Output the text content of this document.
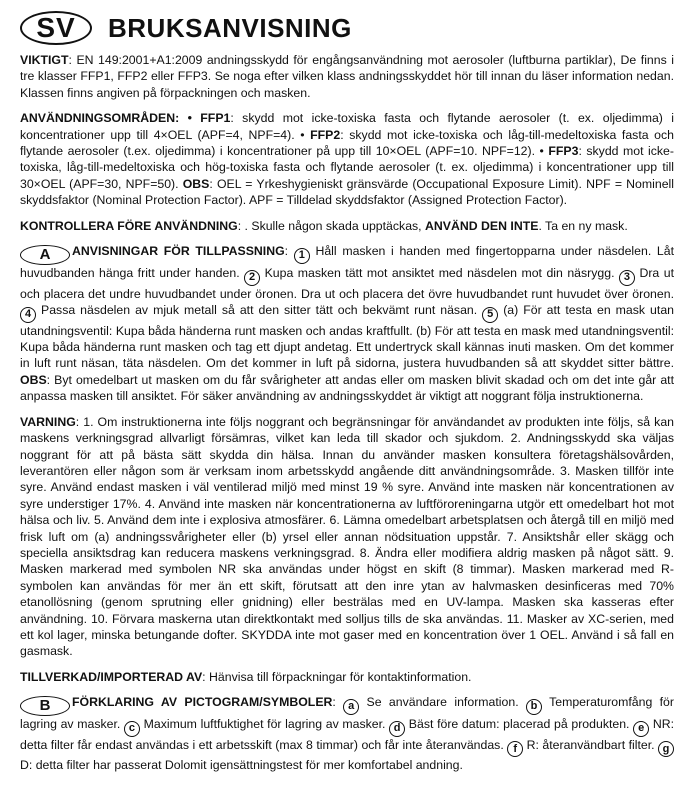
SV	BRUKSANVISNING

VIKTIGT: EN 149:2001+A1:2009 andningsskydd för engångsanvändning mot aerosoler (luftburna partiklar), De finns i tre klasser FFP1, FFP2 eller FFP3. Se noga efter vilken klass andningsskyddet hör till innan du läser information nedan. Klassen finns angiven på förpackningen och masken.

ANVÄNDNINGSOMRÅDEN: • FFP1: skydd mot icke-toxiska fasta och flytande aerosoler (t. ex. oljedimma) i koncentrationer upp till 4×OEL (APF=4, NPF=4). • FFP2: skydd mot icke-toxiska och låg-till-medeltoxiska fasta och flytande aerosoler (t.ex. oljedimma) i koncentrationer på upp till 10×OEL (APF=10. NPF=12). • FFP3: skydd mot icke-toxiska, låg-till-medeltoxiska och hög-toxiska fasta och flytande aerosoler (t. ex. oljedimma) i koncentrationer upp till 30×OEL (APF=30, NPF=50). OBS: OEL = Yrkeshygieniskt gränsvärde (Occupational Exposure Limit). NPF = Nominell skyddsfaktor (Nominal Protection Factor). APF = Tilldelad skyddsfaktor (Assigned Protection Factor).

KONTROLLERA FÖRE ANVÄNDNING: . Skulle någon skada upptäckas, ANVÄND DEN INTE. Ta en ny mask.

A ANVISNINGAR FÖR TILLPASSNING: 1 Håll masken i handen med fingertopparna under näsdelen. Låt huvudbanden hänga fritt under handen. 2 Kupa masken tätt mot ansiktet med näsdelen mot din näsrygg. 3 Dra ut och placera det undre huvudbandet under öronen. Dra ut och placera det övre huvudbandet runt huvudet över öronen. 4 Passa näsdelen av mjuk metall så att den sitter tätt och bekvämt runt näsan. 5 (a) För att testa en mask utan utandningsventil: Kupa båda händerna runt masken och andas kraftfullt. (b) För att testa en mask med utandningsventil: Kupa båda händerna runt masken och tag ett djupt andetag. Ett undertryck skall kännas inuti masken. Om det kommer in luft runt näsan, täta näsdelen. Om det kommer in luft på sidorna, justera huvudbanden så att skyddet sitter bättre. OBS: Byt omedelbart ut masken om du får svårigheter att andas eller om masken blivit skadad och om det inte går att anpassa masken till ansiktet. För säker användning av andningsskyddet är viktigt att noggrant följa instruktionerna.

VARNING: 1. Om instruktionerna inte följs noggrant och begränsningar för användandet av produkten inte följs, så kan maskens verkningsgrad allvarligt försämras, vilket kan leda till skador och sjukdom. 2. Andningsskydd ska väljas noggrant för att på bästa sätt skydda din hälsa. Innan du använder masken konsultera företagshälsovården, leverantören eller någon som är verksam inom arbetsskydd angående ditt användningsområde. 3. Masken tillför inte syre. Använd endast masken i väl ventilerad miljö med minst 19 % syre. Använd inte masken när koncentrationen av syre understiger 17%. 4. Använd inte masken när koncentrationerna av luftföroreningarna utgör ett omedelbart hot mot hälsa och liv. 5. Använd dem inte i explosiva atmosfärer. 6. Lämna omedelbart arbetsplatsen och återgå till en miljö med frisk luft om (a) andningssvårigheter eller (b) yrsel eller annan nödsituation uppstår. 7. Ansiktshår eller skägg och speciella ansiktsdrag kan reducera maskens verkningsgrad. 8. Ändra eller modifiera aldrig masken på något sätt. 9. Masken markerad med symbolen NR ska användas under högst en skift (8 timmar). Masken markerad med R-symbolen kan användas för mer än ett skift, förutsatt att den inre ytan av halvmasken desinficeras med 70% etanollösning (genom sprutning eller gnidning) eller besträlas med en UV-lampa. Masken ska kasseras efter användning. 10. Förvara maskerna utan direktkontakt med solljus tills de ska användas. 11. Masker av XC-serien, med ett kol lager, minska betungande dofter. SKYDDA inte mot gaser med en koncentration över 1 OEL. Använd i så fall en gasmask.

TILLVERKAD/IMPORTERAD AV: Hänvisa till förpackningar för kontaktinformation.

B FÖRKLARING AV PICTOGRAM/SYMBOLER: a Se användare information. b Temperaturomfång för lagring av masker. c Maximum luftfuktighet för lagring av masker. d Bäst före datum: placerad på produkten. e NR: detta filter får endast användas i ett arbetsskift (max 8 timmar) och får inte återanvändas. f R: återanvändbart filter. g D: detta filter har passerat Dolomit igensättningstest för mer komfortabel andning.
